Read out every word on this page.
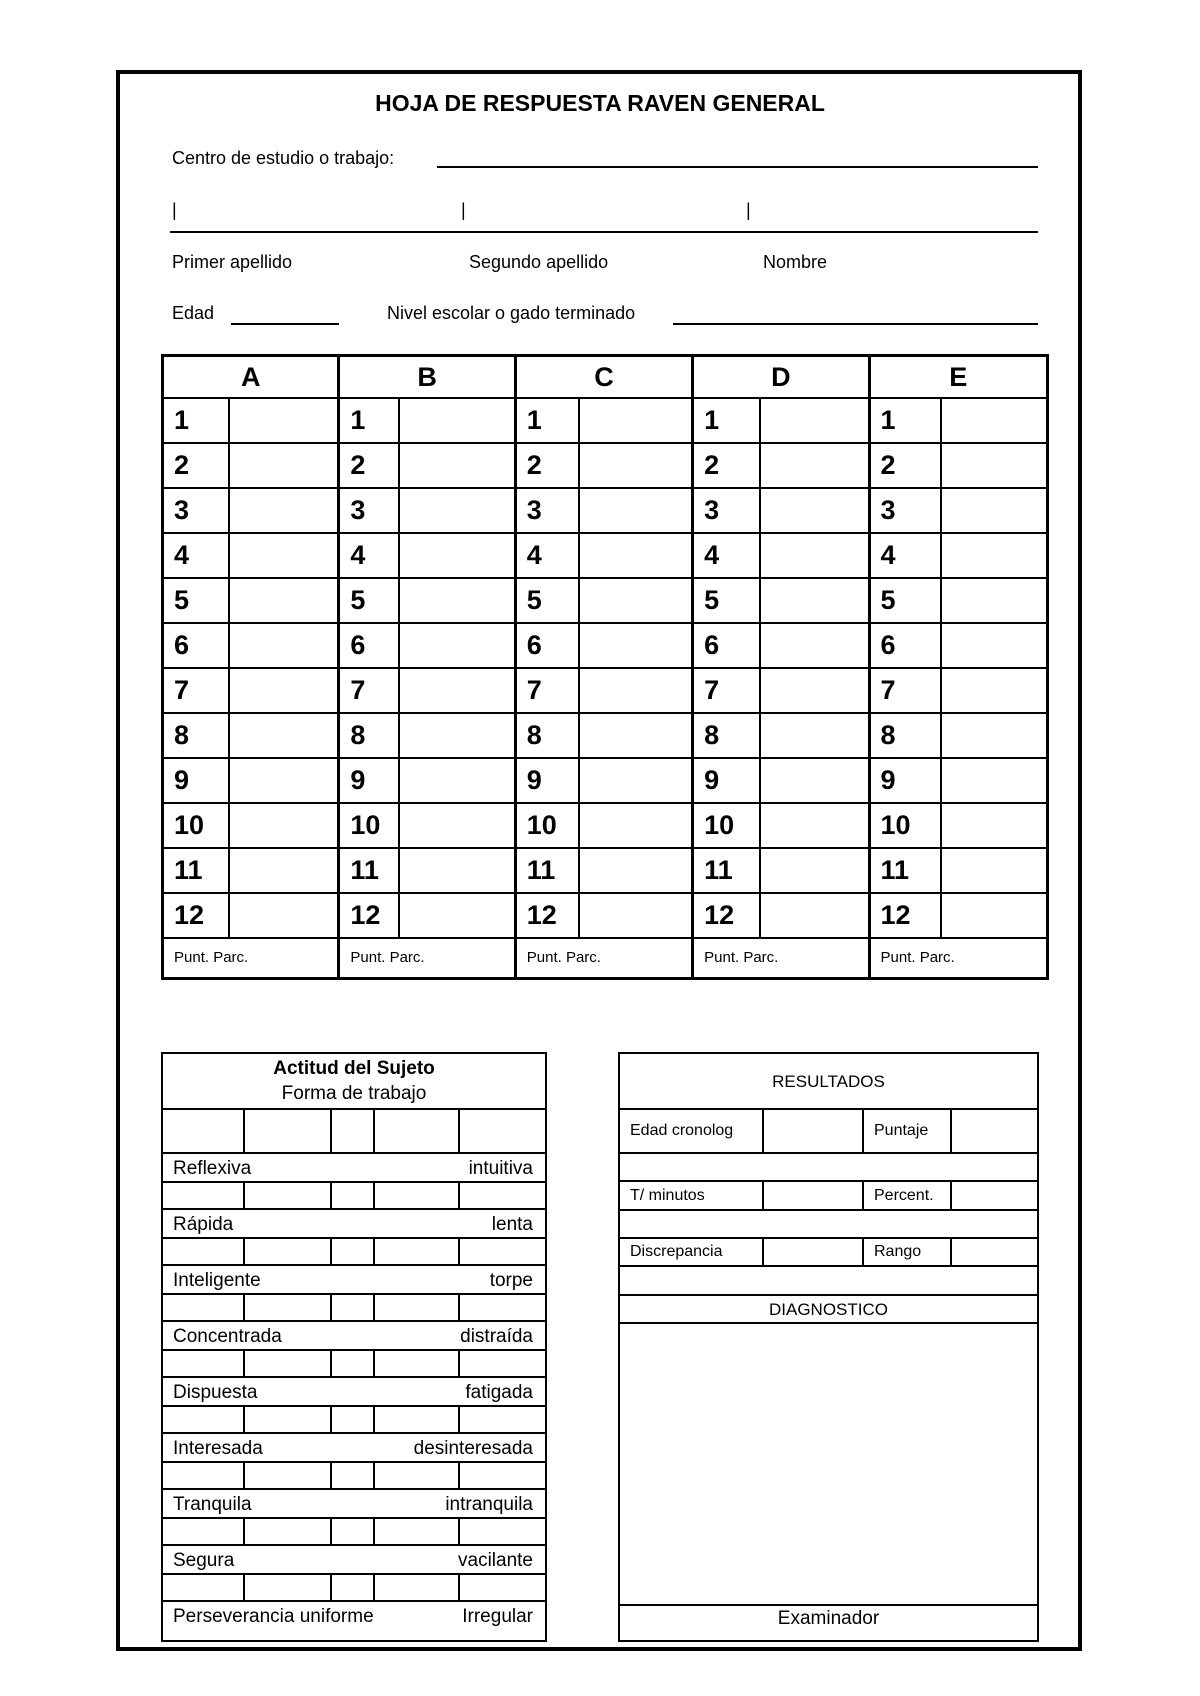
HOJA DE RESPUESTA RAVEN GENERAL
Centro de estudio o trabajo:
|	|	|
Primer apellido	Segundo apellido	Nombre
Edad	Nivel escolar o gado terminado
A		B		C		D		E	
1		1		1		1		1	
2		2		2		2		2	
3		3		3		3		3	
4		4		4		4		4	
5		5		5		5		5	
6		6		6		6		6	
7		7		7		7		7	
8		8		8		8		8	
9		9		9		9		9	
10		10		10		10		10	
11		11		11		11		11	
12		12		12		12		12	
Punt. Parc.		Punt. Parc.		Punt. Parc.		Punt. Parc.		Punt. Parc.	
Actitud del Sujeto
Forma de trabajo
Reflexiva	intuitiva
Rápida	lenta
Inteligente	torpe
Concentrada	distraída
Dispuesta	fatigada
Interesada	desinteresada
Tranquila	intranquila
Segura	vacilante
Perseverancia uniforme	Irregular
RESULTADOS
Edad cronolog	Puntaje
T/ minutos	Percent.
Discrepancia	Rango
DIAGNOSTICO
Examinador
